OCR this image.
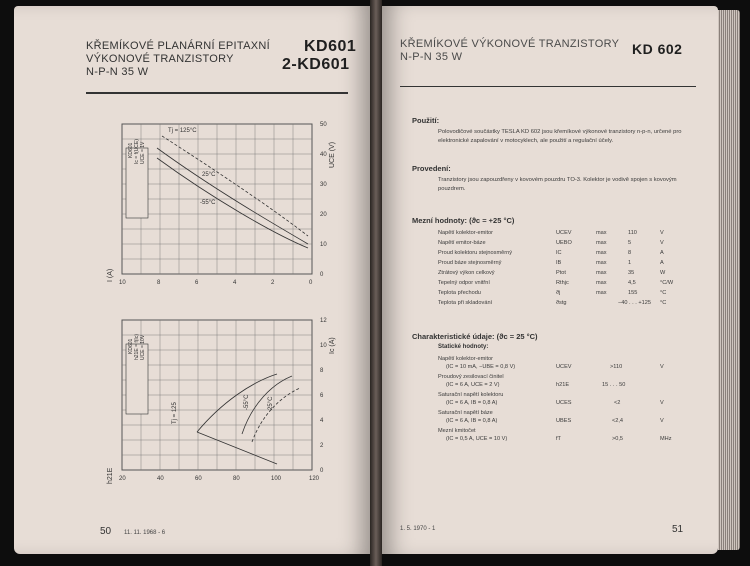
KŘEMÍKOVÉ PLANÁRNÍ EPITAXNÍ
VÝKONOVÉ TRANZISTORY
N-P-N 35 W
KD601
2-KD601
50
40
30
20
10
0
10	8	6	4	2	0
Tj = 125°C
25°C
-55°C
UCE (V)
I (A)
KD601 Ic = f(UCE) UCE = 1V
12
10
8
6
4
2
0
20	40	60	80	100	120
Tj = 125	25°C
-55°C
Ic (A)
h21E
KD601 h21E = f(Ic) UCE = 10V
50 11. 11. 1968 - 6
KŘEMÍKOVÉ VÝKONOVÉ TRANZISTORY
N-P-N 35 W	KD 602
Použití:
Polovodičové součástky TESLA KD 602 jsou křemíkové výkonové tranzistory n-p-n, určené pro elektronické zapalování v motocyklech, ale použití a regulační účely.
Provedení:
Tranzistory jsou zapouzdřeny v kovovém pouzdru TO-3. Kolektor je vodivě spojen s kovovým pouzdrem.
Mezní hodnoty: (ϑc = +25 °C)
Napětí kolektor-emitor	UCEV	max	110	V
Napětí emitor-báze	UEBO	max	5	V
Proud kolektoru stejnosměrný	IC	max	8	A
Proud báze stejnosměrný	IB	max	1	A
Ztrátový výkon celkový	Ptot	max	35	W
Tepelný odpor vnitřní	Rthjc	max	4,5	°C/W
Teplota přechodu	ϑj	max	155	°C
Teplota při skladování	ϑstg	−40 . . . +125 °C
Charakteristické údaje: (ϑc = 25 °C)
Statické hodnoty:
Napětí kolektor-emitor
(IC = 10 mA, −UBE = 0,8 V)	UCEV	>110	V
Proudový zesilovací činitel
(IC = 6 A, UCE = 2 V)	h21E	15 . . . 50
Saturační napětí kolektoru
(IC = 6 A, IB = 0,8 A)	UCES	<2	V
Saturační napětí báze
(IC = 6 A, IB = 0,8 A)	UBES	<2,4	V
Mezní kmitočet
(IC = 0,5 A, UCE = 10 V)	fT	>0,5	MHz
1. 5. 1970 - 1	51
